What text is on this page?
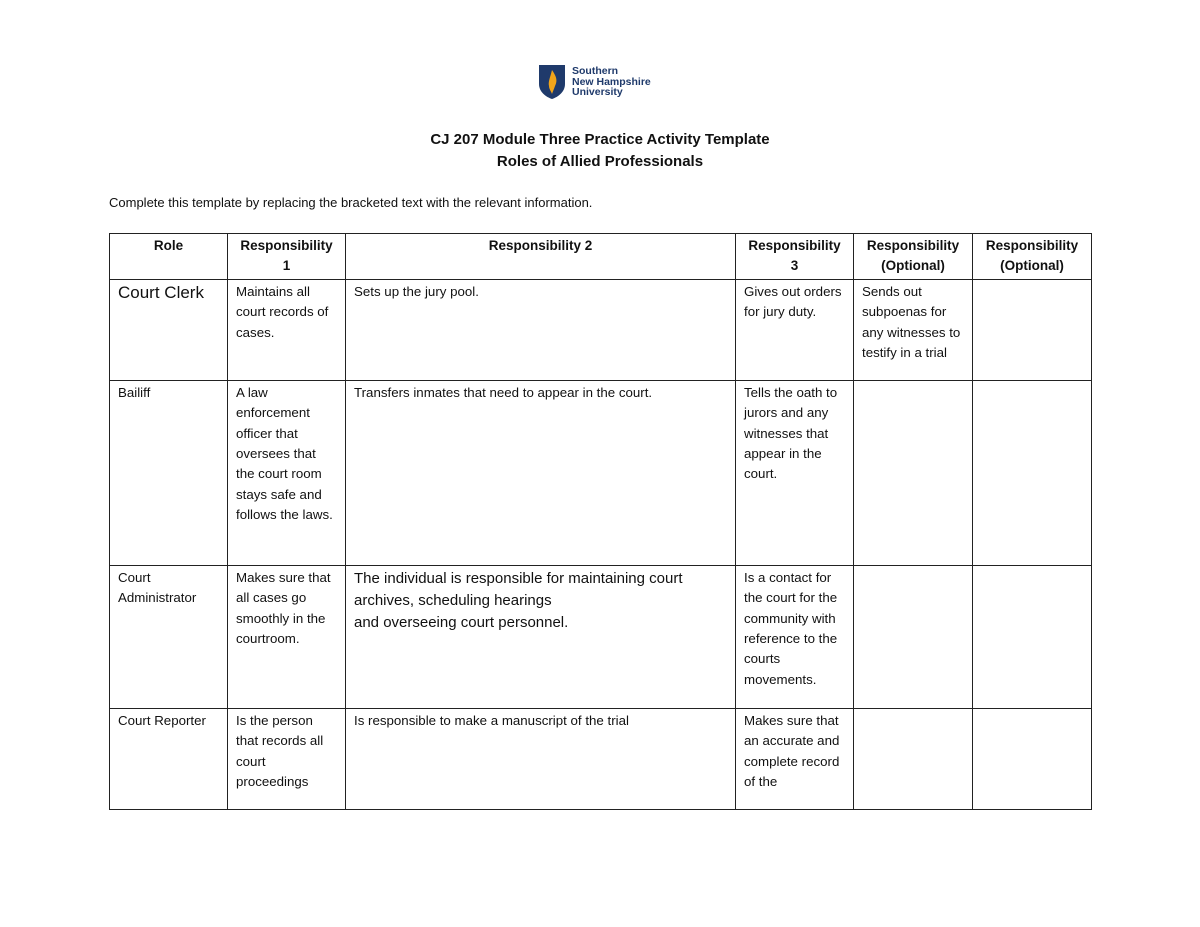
Southern
New Hampshire
University
CJ 207 Module Three Practice Activity Template
Roles of Allied Professionals
Complete this template by replacing the bracketed text with the relevant information.
Role	Responsibility 1	Responsibility 2	Responsibility 3	Responsibility (Optional)	Responsibility (Optional)
Court Clerk	Maintains all court records of cases.	Sets up the jury pool.	Gives out orders for jury duty.	Sends out subpoenas for any witnesses to testify in a trial	
Bailiff	A law enforcement officer that oversees that the court room stays safe and follows the laws.	Transfers inmates that need to appear in the court.	Tells the oath to jurors and any witnesses that appear in the court.		
Court Administrator	Makes sure that all cases go smoothly in the courtroom.	The individual is responsible for maintaining court archives, scheduling hearings
and overseeing court personnel.	Is a contact for the court for the community with reference to the courts movements.		
Court Reporter	Is the person that records all court proceedings	Is responsible to make a manuscript of the trial	Makes sure that an accurate and complete record of the		
